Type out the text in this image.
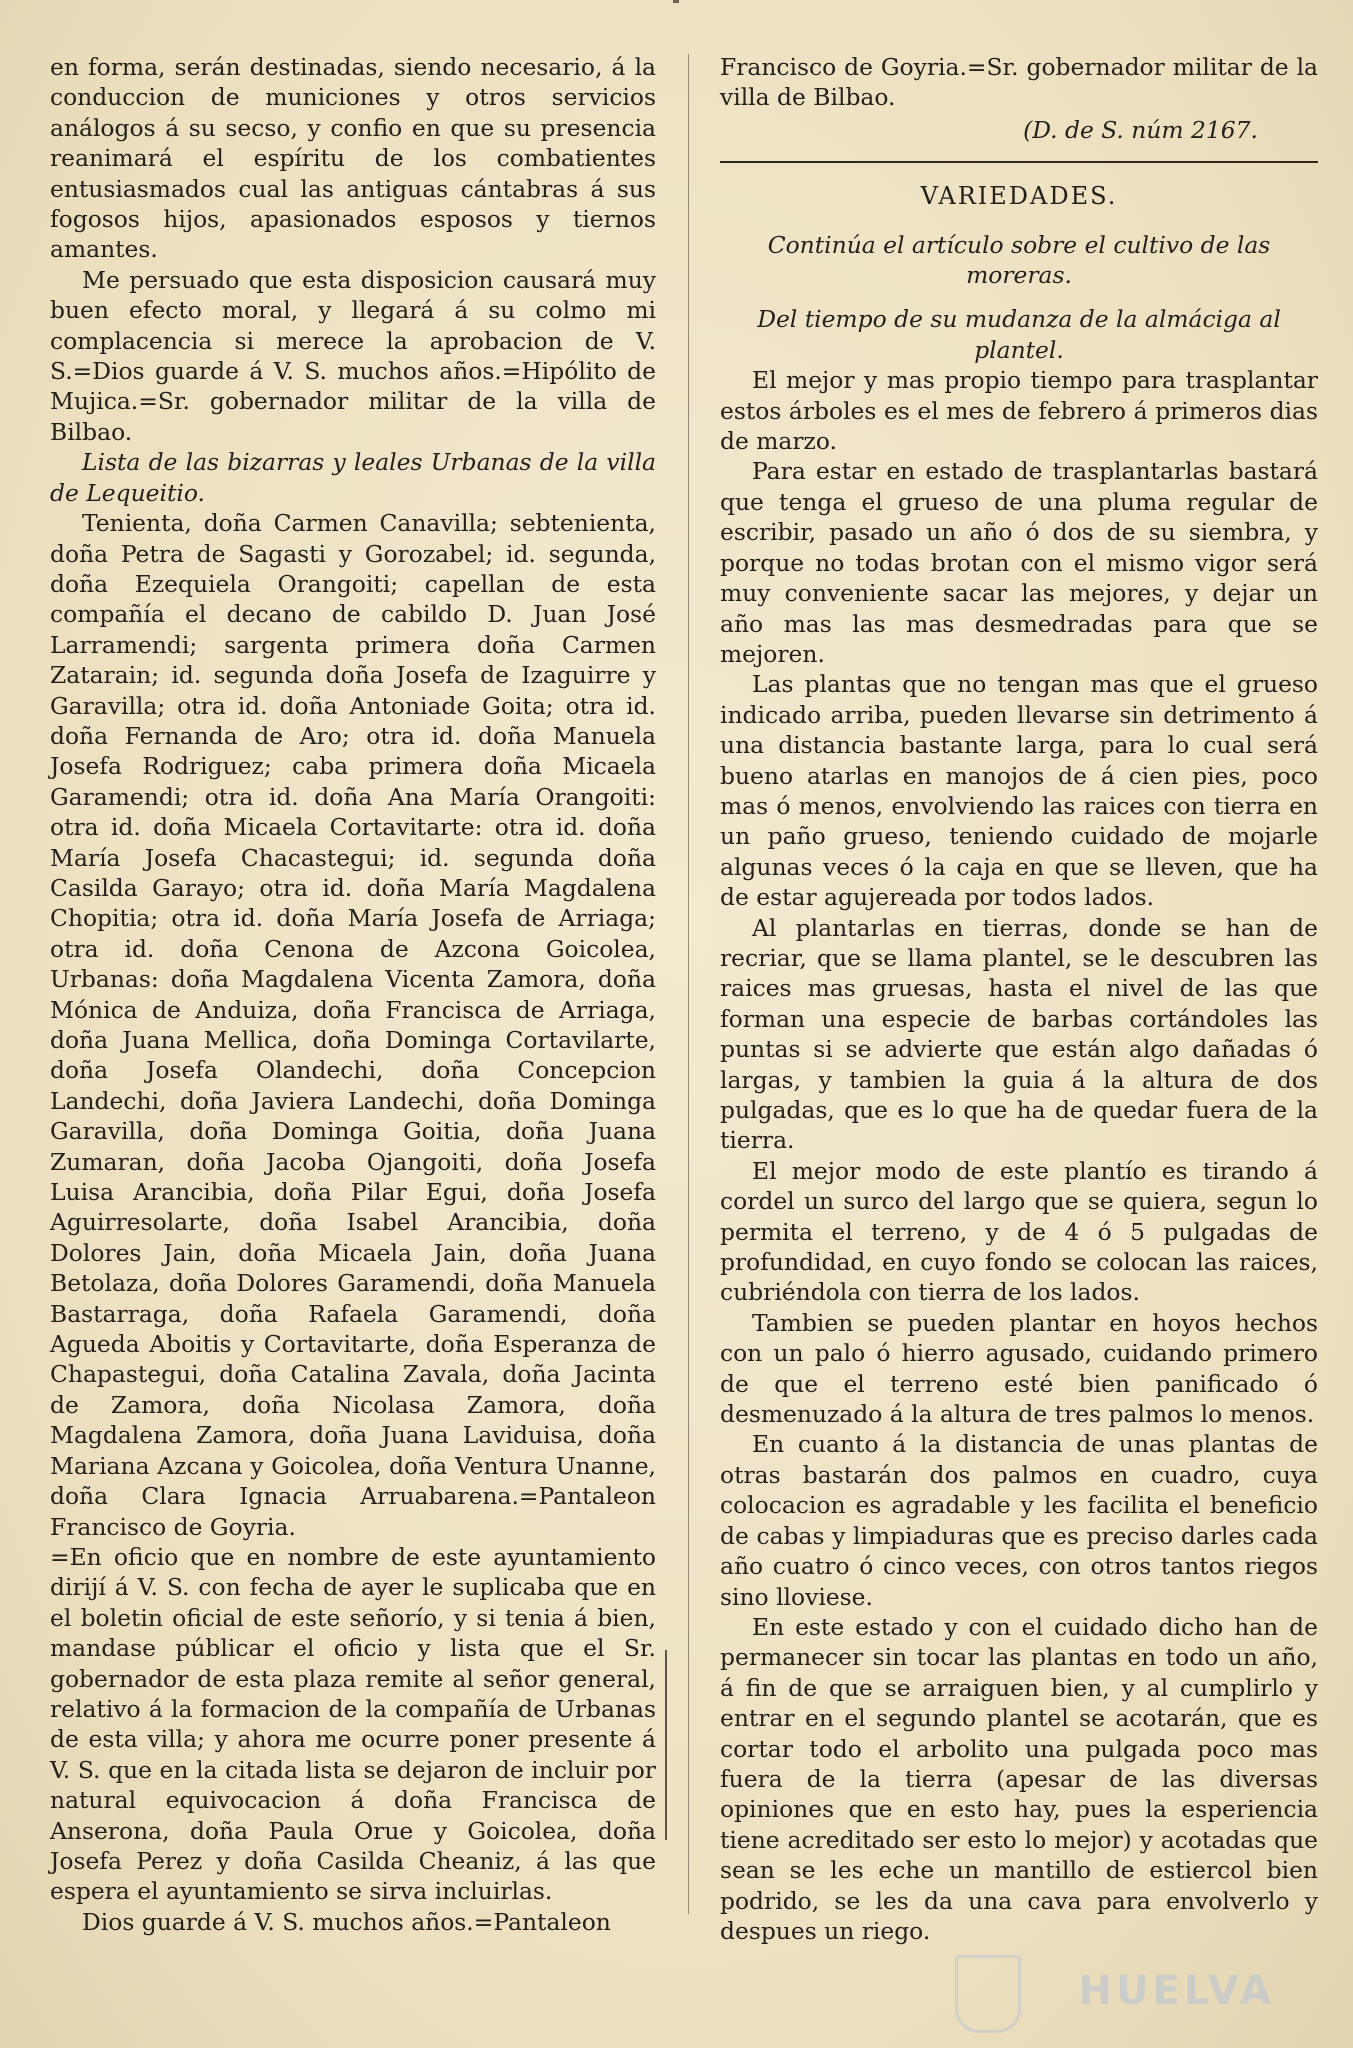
en forma, serán destinadas, siendo necesario, á la conduccion de municiones y otros servicios análogos á su secso, y confio en que su presencia reanimará el espíritu de los combatientes entusiasmados cual las antiguas cántabras á sus fogosos hijos, apasionados esposos y tiernos amantes.

Me persuado que esta disposicion causará muy buen efecto moral, y llegará á su colmo mi complacencia si merece la aprobacion de V. S.=Dios guarde á V. S. muchos años.=Hipólito de Mujica.=Sr. gobernador militar de la villa de Bilbao.

Lista de las bizarras y leales Urbanas de la villa de Lequeitio.

Tenienta, doña Carmen Canavilla; sebtenienta, doña Petra de Sagasti y Gorozabel; id. segunda, doña Ezequiela Orangoiti; capellan de esta compañía el decano de cabildo D. Juan José Larramendi; sargenta primera doña Carmen Zatarain; id. segunda doña Josefa de Izaguirre y Garavilla; otra id. doña Antoniade Goita; otra id. doña Fernanda de Aro; otra id. doña Manuela Josefa Rodriguez; caba primera doña Micaela Garamendi; otra id. doña Ana María Orangoiti: otra id. doña Micaela Cortavitarte: otra id. doña María Josefa Chacastegui; id. segunda doña Casilda Garayo; otra id. doña María Magdalena Chopitia; otra id. doña María Josefa de Arriaga; otra id. doña Cenona de Azcona Goicolea, Urbanas: doña Magdalena Vicenta Zamora, doña Mónica de Anduiza, doña Francisca de Arriaga, doña Juana Mellica, doña Dominga Cortavilarte, doña Josefa Olandechi, doña Concepcion Landechi, doña Javiera Landechi, doña Dominga Garavilla, doña Dominga Goitia, doña Juana Zumaran, doña Jacoba Ojangoiti, doña Josefa Luisa Arancibia, doña Pilar Egui, doña Josefa Aguirresolarte, doña Isabel Arancibia, doña Dolores Jain, doña Micaela Jain, doña Juana Betolaza, doña Dolores Garamendi, doña Manuela Bastarraga, doña Rafaela Garamendi, doña Agueda Aboitis y Cortavitarte, doña Esperanza de Chapastegui, doña Catalina Zavala, doña Jacinta de Zamora, doña Nicolasa Zamora, doña Magdalena Zamora, doña Juana Laviduisa, doña Mariana Azcana y Goicolea, doña Ventura Unanne, doña Clara Ignacia Arruabarena.=Pantaleon Francisco de Goyria.

=En oficio que en nombre de este ayuntamiento dirijí á V. S. con fecha de ayer le suplicaba que en el boletin oficial de este señorío, y si tenia á bien, mandase públicar el oficio y lista que el Sr. gobernador de esta plaza remite al señor general, relativo á la formacion de la compañía de Urbanas de esta villa; y ahora me ocurre poner presente á V. S. que en la citada lista se dejaron de incluir por natural equivocacion á doña Francisca de Anserona, doña Paula Orue y Goicolea, doña Josefa Perez y doña Casilda Cheaniz, á las que espera el ayuntamiento se sirva incluirlas.

Dios guarde á V. S. muchos años.=Pantaleon

Francisco de Goyria.=Sr. gobernador militar de la villa de Bilbao.

(D. de S. núm 2167.

VARIEDADES.

Continúa el artículo sobre el cultivo de las moreras.

Del tiempo de su mudanza de la almáciga al plantel.

El mejor y mas propio tiempo para trasplantar estos árboles es el mes de febrero á primeros dias de marzo.

Para estar en estado de trasplantarlas bastará que tenga el grueso de una pluma regular de escribir, pasado un año ó dos de su siembra, y porque no todas brotan con el mismo vigor será muy conveniente sacar las mejores, y dejar un año mas las mas desmedradas para que se mejoren.

Las plantas que no tengan mas que el grueso indicado arriba, pueden llevarse sin detrimento á una distancia bastante larga, para lo cual será bueno atarlas en manojos de á cien pies, poco mas ó menos, envolviendo las raices con tierra en un paño grueso, teniendo cuidado de mojarle algunas veces ó la caja en que se lleven, que ha de estar agujereada por todos lados.

Al plantarlas en tierras, donde se han de recriar, que se llama plantel, se le descubren las raices mas gruesas, hasta el nivel de las que forman una especie de barbas cortándoles las puntas si se advierte que están algo dañadas ó largas, y tambien la guia á la altura de dos pulgadas, que es lo que ha de quedar fuera de la tierra.

El mejor modo de este plantío es tirando á cordel un surco del largo que se quiera, segun lo permita el terreno, y de 4 ó 5 pulgadas de profundidad, en cuyo fondo se colocan las raices, cubriéndola con tierra de los lados.

Tambien se pueden plantar en hoyos hechos con un palo ó hierro agusado, cuidando primero de que el terreno esté bien panificado ó desmenuzado á la altura de tres palmos lo menos.

En cuanto á la distancia de unas plantas de otras bastarán dos palmos en cuadro, cuya colocacion es agradable y les facilita el beneficio de cabas y limpiaduras que es preciso darles cada año cuatro ó cinco veces, con otros tantos riegos sino lloviese.

En este estado y con el cuidado dicho han de permanecer sin tocar las plantas en todo un año, á fin de que se arraiguen bien, y al cumplirlo y entrar en el segundo plantel se acotarán, que es cortar todo el arbolito una pulgada poco mas fuera de la tierra (apesar de las diversas opiniones que en esto hay, pues la esperiencia tiene acreditado ser esto lo mejor) y acotadas que sean se les eche un mantillo de estiercol bien podrido, se les da una cava para envolverlo y despues un riego.

HUELVA
